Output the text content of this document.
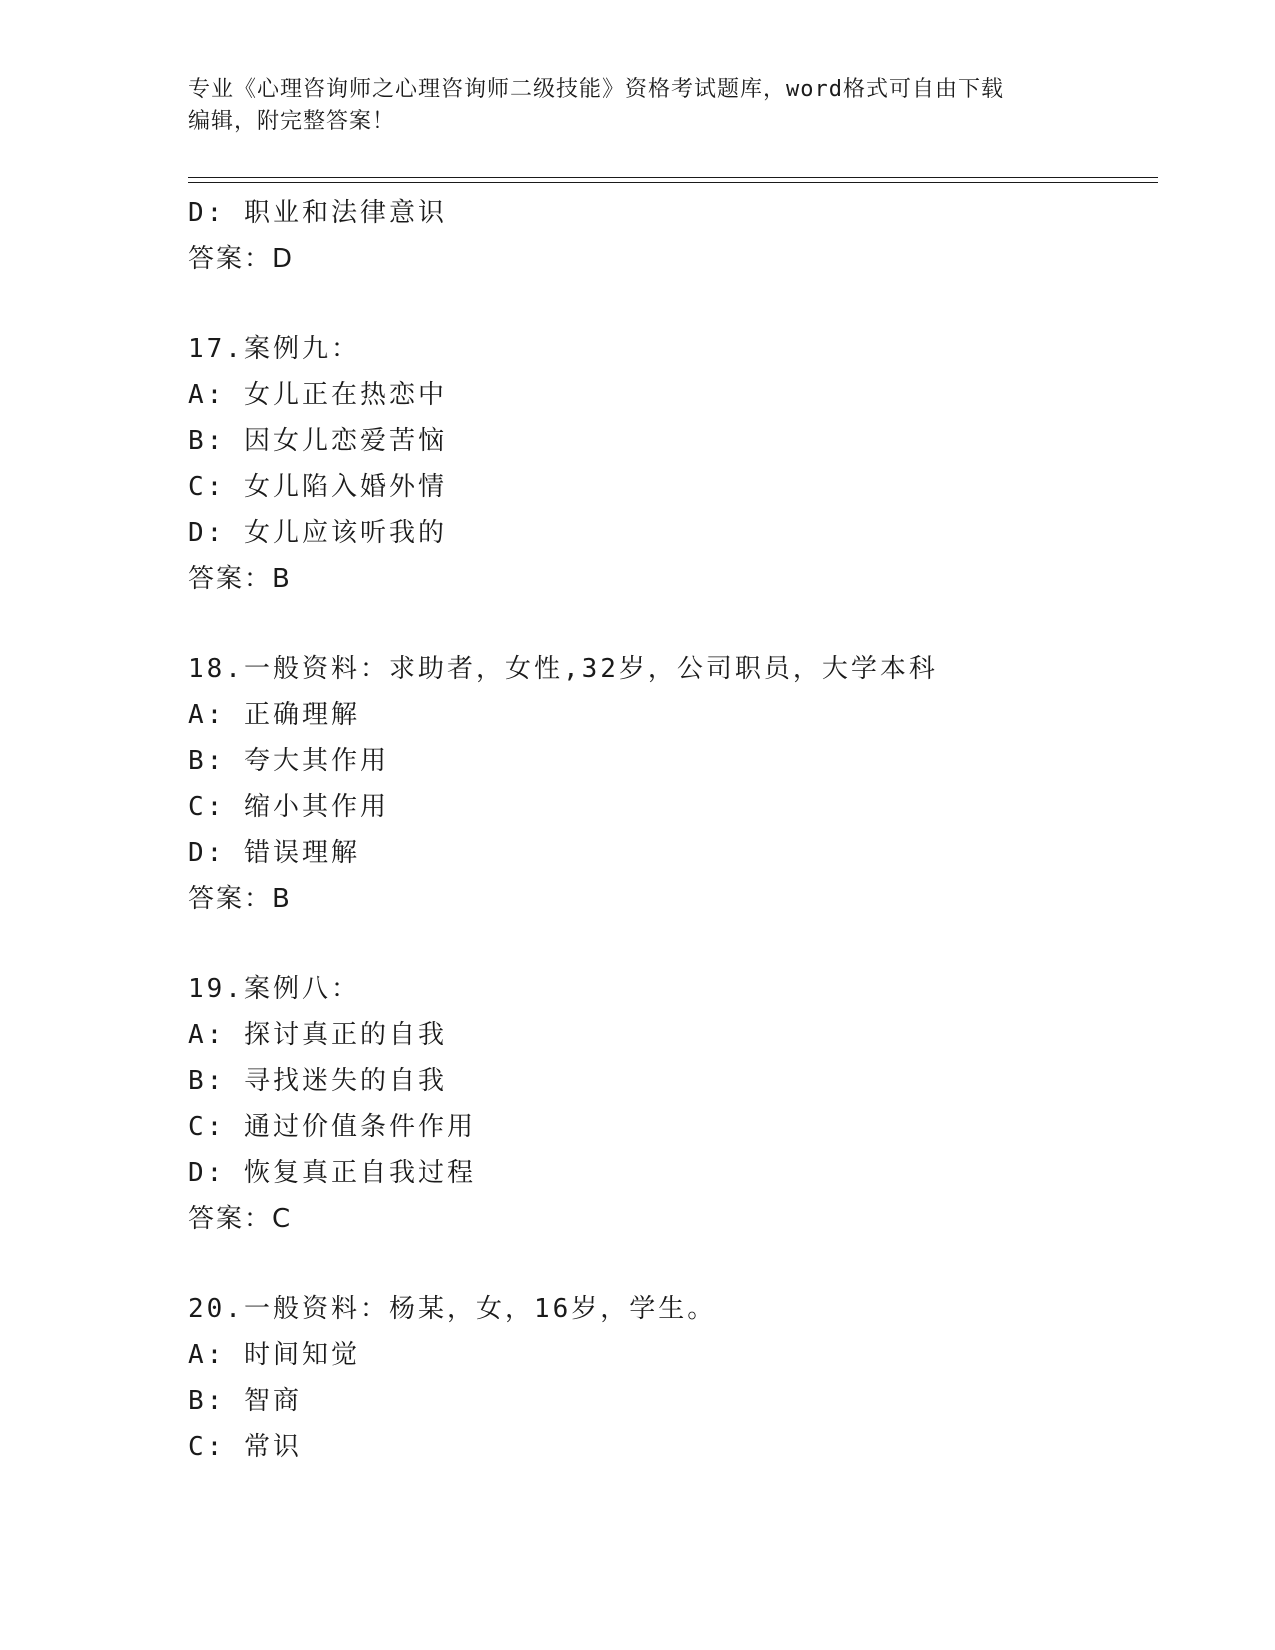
专业《心理咨询师之心理咨询师二级技能》资格考试题库，word格式可自由下载
编辑，附完整答案！
D: 职业和法律意识
答案：D
17.案例九：
A: 女儿正在热恋中
B: 因女儿恋爱苦恼
C: 女儿陷入婚外情
D: 女儿应该听我的
答案：B
18.一般资料：求助者，女性,32岁，公司职员，大学本科
A: 正确理解
B: 夸大其作用
C: 缩小其作用
D: 错误理解
答案：B
19.案例八：
A: 探讨真正的自我
B: 寻找迷失的自我
C: 通过价值条件作用
D: 恢复真正自我过程
答案：C
20.一般资料：杨某，女，16岁，学生。
A: 时间知觉
B: 智商
C: 常识
